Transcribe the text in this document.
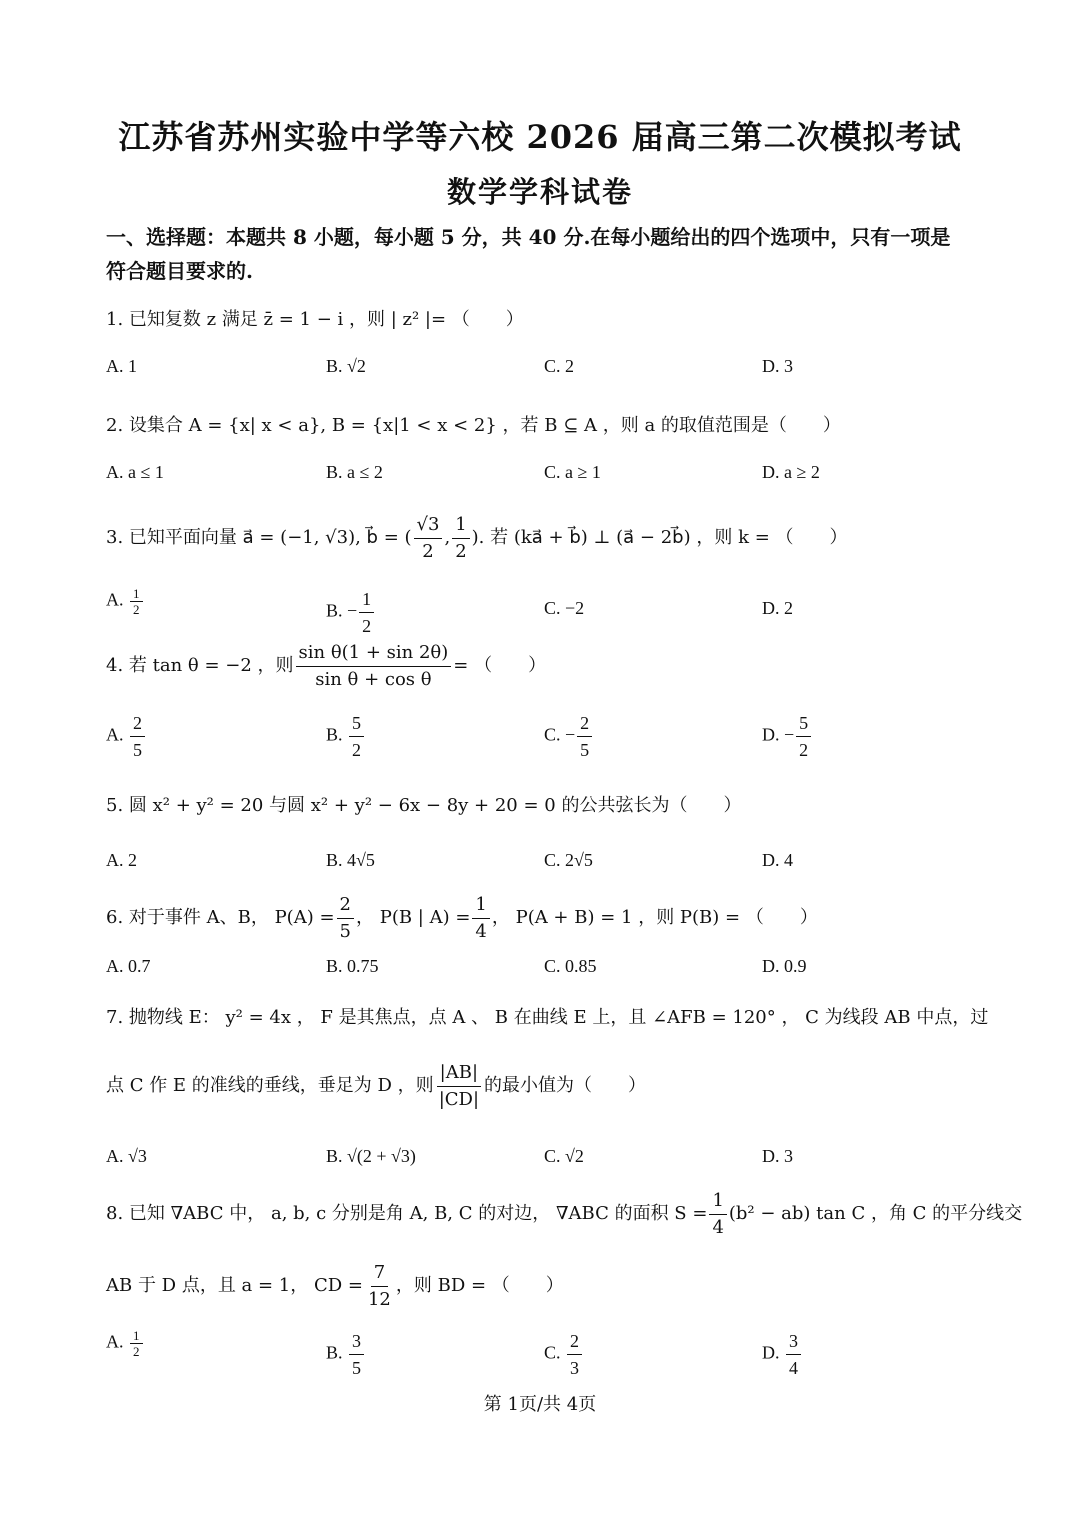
江苏省苏州实验中学等六校 2026 届高三第二次模拟考试
数学学科试卷
一、选择题：本题共 8 小题，每小题 5 分，共 40 分.在每小题给出的四个选项中，只有一项是
符合题目要求的.
1. 已知复数 z 满足 z̄ = 1 − i ，则 | z² |= （　　）
A. 1	B. √2	C. 2	D. 3
2. 设集合 A = {x| x < a}, B = {x|1 < x < 2} ，若 B ⊆ A ，则 a 的取值范围是（　　）
A. a ≤ 1	B. a ≤ 2	C. a ≥ 1	D. a ≥ 2
3. 已知平面向量 a⃗ = (−1, √3), b⃗ = ( $\frac{√3}{2}$ , $\frac{1}{2}$ ). 若 (ka⃗ + b⃗) ⊥ (a⃗ − 2b⃗) ，则 k = （　　）
A. $\frac{1}{2}$	B. − $\frac{1}{2}$	C. −2	D. 2
4. 若 tan θ = −2 ，则 $\frac{\text{sin θ(1 + sin 2θ)}}{\text{sin θ + cos θ}}$ = （　　）
A. $\frac{2}{5}$	B. $\frac{5}{2}$	C. − $\frac{2}{5}$	D. − $\frac{5}{2}$
5. 圆 x² + y² = 20 与圆 x² + y² − 6x − 8y + 20 = 0 的公共弦长为（　　）
A. 2	B. 4√5	C. 2√5	D. 4
6. 对于事件 A、B， $P(A) = \frac{2}{5}$ ， P(B | $A) = \frac{1}{4}$ ， P(A + B) = 1 ，则 P(B) = （　　）
A. 0.7	B. 0.75	C. 0.85	D. 0.9
7. 抛物线 E： y² = 4x ， F 是其焦点，点 A 、 B 在曲线 E 上，且 ∠AFB = 120° ， C 为线段 AB 中点，过
点 C 作 E 的准线的垂线，垂足为 D ，则 $\frac{|AB|}{|CD|}$ 的最小值为（　　）
A. √3	B. √(2 + √3)	C. √2	D. 3
8. 已知 ∇ABC 中， a, b, c 分别是角 A, B, C 的对边， ∇ABC 的面积 $S = \frac{1}{4} (b^2 - ab)$ tan C ，角 C 的平分线交
AB 于 D 点，且 a = 1， CD = $\frac{7}{12}$ ，则 BD = （　　）
A. $\frac{1}{2}$	B. $\frac{3}{5}$	C. $\frac{2}{3}$	D. $\frac{3}{4}$
第 1页/共 4页
